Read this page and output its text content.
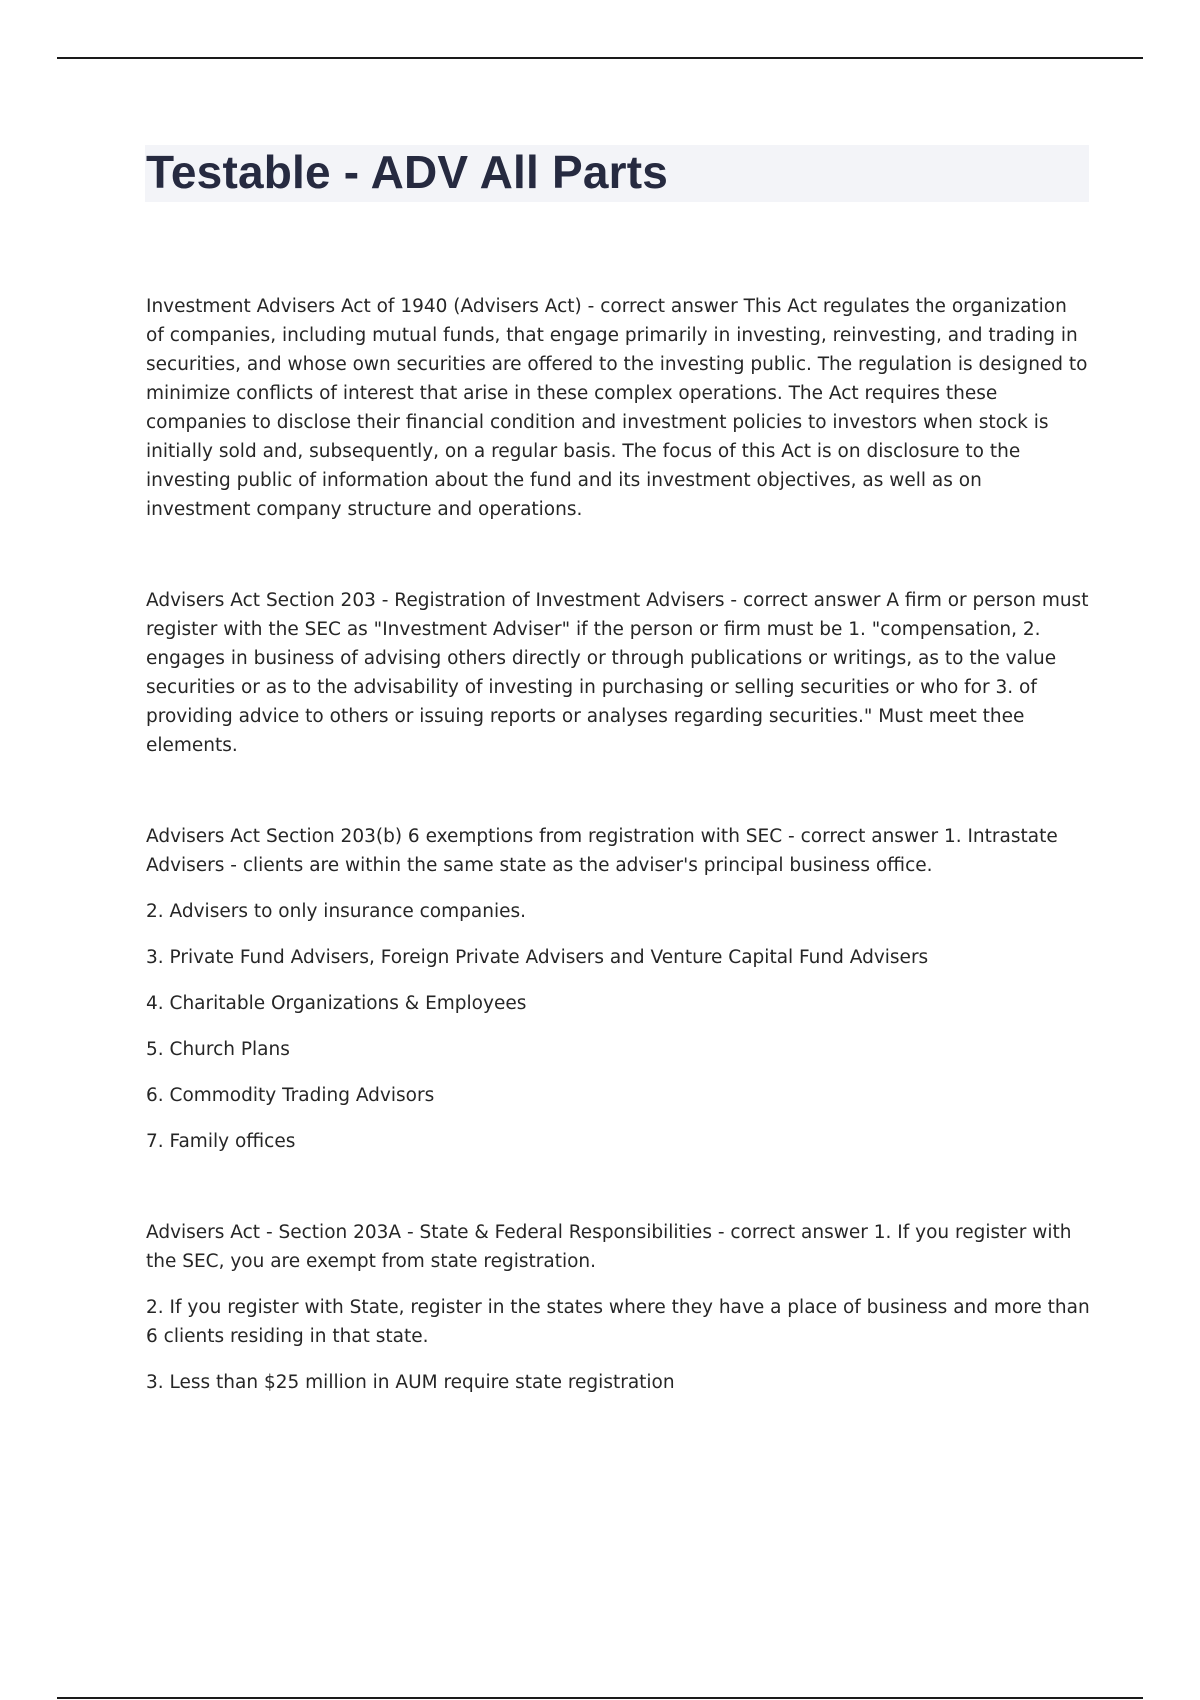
Testable - ADV All Parts

Investment Advisers Act of 1940 (Advisers Act) - correct answer This Act regulates the organization of companies, including mutual funds, that engage primarily in investing, reinvesting, and trading in securities, and whose own securities are offered to the investing public. The regulation is designed to minimize conflicts of interest that arise in these complex operations. The Act requires these companies to disclose their financial condition and investment policies to investors when stock is initially sold and, subsequently, on a regular basis. The focus of this Act is on disclosure to the investing public of information about the fund and its investment objectives, as well as on investment company structure and operations.

Advisers Act Section 203 - Registration of Investment Advisers - correct answer A firm or person must register with the SEC as "Investment Adviser" if the person or firm must be 1. "compensation, 2. engages in business of advising others directly or through publications or writings, as to the value securities or as to the advisability of investing in purchasing or selling securities or who for 3. of providing advice to others or issuing reports or analyses regarding securities." Must meet thee elements.

Advisers Act Section 203(b) 6 exemptions from registration with SEC - correct answer 1. Intrastate Advisers - clients are within the same state as the adviser's principal business office.

2. Advisers to only insurance companies.

3. Private Fund Advisers, Foreign Private Advisers and Venture Capital Fund Advisers

4. Charitable Organizations & Employees

5. Church Plans

6. Commodity Trading Advisors

7. Family offices

Advisers Act - Section 203A - State & Federal Responsibilities - correct answer 1. If you register with the SEC, you are exempt from state registration.

2. If you register with State, register in the states where they have a place of business and more than 6 clients residing in that state.

3. Less than $25 million in AUM require state registration
